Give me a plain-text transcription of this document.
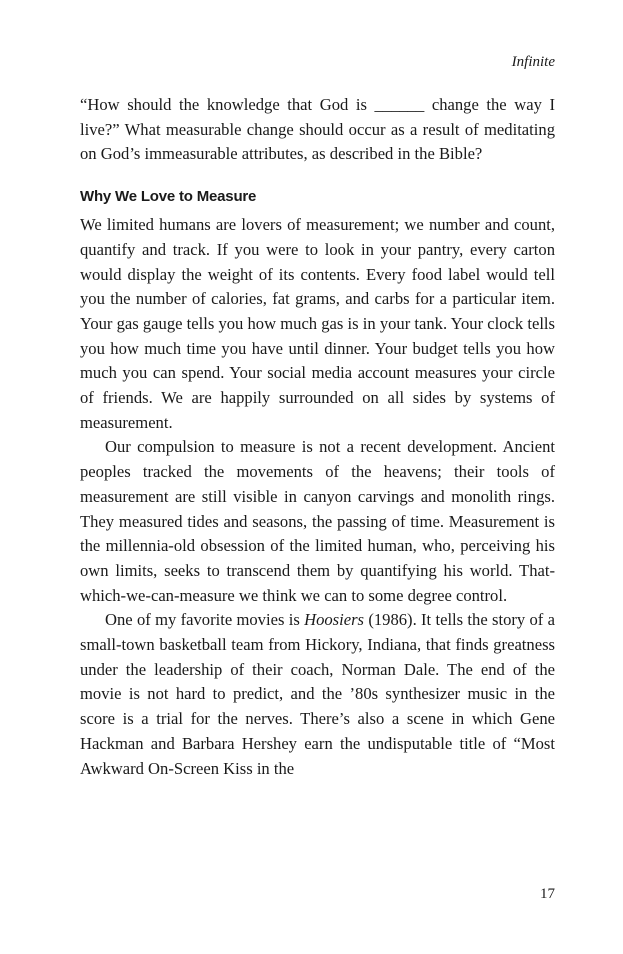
Infinite

“How should the knowledge that God is ______ change the way I live?” What measurable change should occur as a result of meditating on God’s immeasurable attributes, as described in the Bible?

Why We Love to Measure

We limited humans are lovers of measurement; we number and count, quantify and track. If you were to look in your pantry, every carton would display the weight of its contents. Every food label would tell you the number of calories, fat grams, and carbs for a particular item. Your gas gauge tells you how much gas is in your tank. Your clock tells you how much time you have until dinner. Your budget tells you how much you can spend. Your social media account measures your circle of friends. We are happily surrounded on all sides by systems of measurement.

Our compulsion to measure is not a recent development. Ancient peoples tracked the movements of the heavens; their tools of measurement are still visible in canyon carvings and monolith rings. They measured tides and seasons, the passing of time. Measurement is the millennia-old obsession of the limited human, who, perceiving his own limits, seeks to transcend them by quantifying his world. That-which-we-can-measure we think we can to some degree control.

One of my favorite movies is Hoosiers (1986). It tells the story of a small-town basketball team from Hickory, Indiana, that finds greatness under the leadership of their coach, Norman Dale. The end of the movie is not hard to predict, and the ’80s synthesizer music in the score is a trial for the nerves. There’s also a scene in which Gene Hackman and Barbara Hershey earn the undisputable title of “Most Awkward On-Screen Kiss in the

17
